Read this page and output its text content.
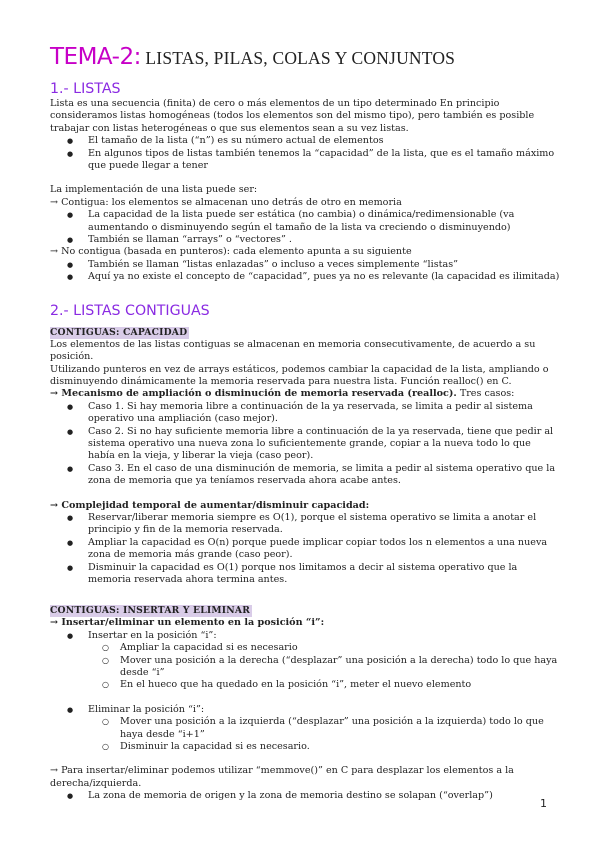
TEMA-2: LISTAS, PILAS, COLAS Y CONJUNTOS
1.- LISTAS

Lista es una secuencia (finita) de cero o más elementos de un tipo determinado En principio consideramos listas homogéneas (todos los elementos son del mismo tipo), pero también es posible trabajar con listas heterogéneas o que sus elementos sean a su vez listas.

● El tamaño de la lista (“n”) es su número actual de elementos
● En algunos tipos de listas también tenemos la “capacidad” de la lista, que es el tamaño máximo que puede llegar a tener

La implementación de una lista puede ser:

→ Contigua: los elementos se almacenan uno detrás de otro en memoria

● La capacidad de la lista puede ser estática (no cambia) o dinámica/redimensionable (va aumentando o disminuyendo según el tamaño de la lista va creciendo o disminuyendo)
● También se llaman “arrays” o “vectores” .

→ No contigua (basada en punteros): cada elemento apunta a su siguiente

● También se llaman “listas enlazadas” o incluso a veces simplemente “listas”
● Aquí ya no existe el concepto de “capacidad”, pues ya no es relevante (la capacidad es ilimitada)
2.- LISTAS CONTIGUAS
CONTIGUAS: CAPACIDAD

Los elementos de las listas contiguas se almacenan en memoria consecutivamente, de acuerdo a su posición.

Utilizando punteros en vez de arrays estáticos, podemos cambiar la capacidad de la lista, ampliando o disminuyendo dinámicamente la memoria reservada para nuestra lista. Función realloc() en C.

→ Mecanismo de ampliación o disminución de memoria reservada (realloc). Tres casos:

● Caso 1. Si hay memoria libre a continuación de la ya reservada, se limita a pedir al sistema operativo una ampliación (caso mejor).
● Caso 2. Si no hay suficiente memoria libre a continuación de la ya reservada, tiene que pedir al sistema operativo una nueva zona lo suficientemente grande, copiar a la nueva todo lo que había en la vieja, y liberar la vieja (caso peor).
● Caso 3. En el caso de una disminución de memoria, se limita a pedir al sistema operativo que la zona de memoria que ya teníamos reservada ahora acabe antes.

→ Complejidad temporal de aumentar/disminuir capacidad:

● Reservar/liberar memoria siempre es O(1), porque el sistema operativo se limita a anotar el principio y fin de la memoria reservada.
● Ampliar la capacidad es O(n) porque puede implicar copiar todos los n elementos a una nueva zona de memoria más grande (caso peor).
● Disminuir la capacidad es O(1) porque nos limitamos a decir al sistema operativo que la memoria reservada ahora termina antes.
CONTIGUAS: INSERTAR Y ELIMINAR

→ Insertar/eliminar un elemento en la posición “i”:

● Insertar en la posición “i”:
○ Ampliar la capacidad si es necesario
○ Mover una posición a la derecha (“desplazar” una posición a la derecha) todo lo que haya desde “i”
○ En el hueco que ha quedado en la posición “i”, meter el nuevo elemento
● Eliminar la posición “i”:
○ Mover una posición a la izquierda (“desplazar” una posición a la izquierda) todo lo que haya desde “i+1”
○ Disminuir la capacidad si es necesario.

→ Para insertar/eliminar podemos utilizar “memmove()” en C para desplazar los elementos a la derecha/izquierda.

● La zona de memoria de origen y la zona de memoria destino se solapan (“overlap”)
1
